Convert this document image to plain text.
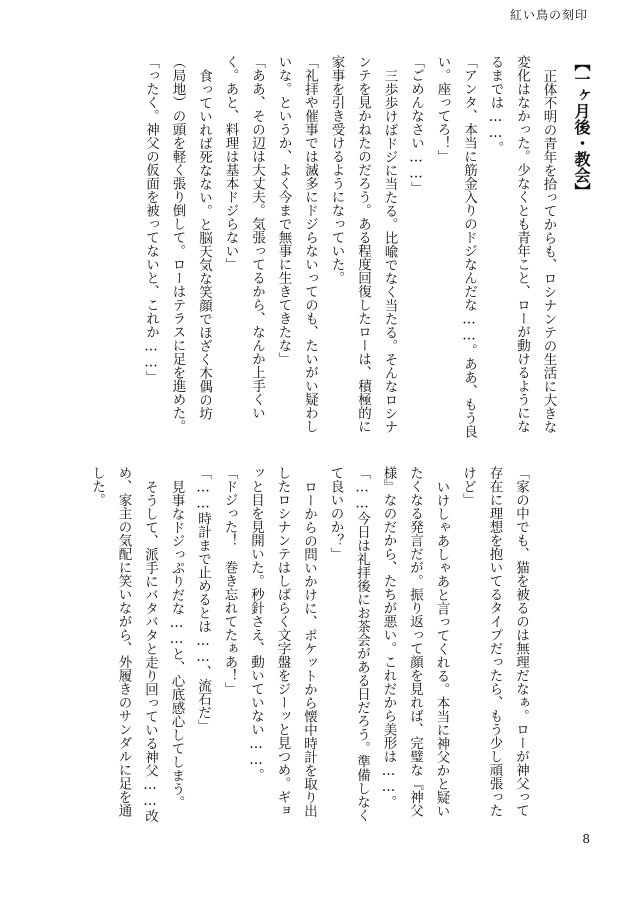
紅い鳥の刻印

【一ヶ月後・教会】

正体不明の青年を拾ってからも、ロシナンテの生活に大きな変化はなかった。少なくとも青年こと、ローが動けるようになるまでは……。

「アンタ、本当に筋金入りのドジなんだな……。ああ、もう良い。座ってろ！」

「ごめんなさい……」

三歩歩けばドジに当たる。比喩でなく当たる。そんなロシナンテを見かねたのだろう。ある程度回復したローは、積極的に家事を引き受けるようになっていた。

「礼拝や催事では滅多にドジらないってのも、たいがい疑わしいな。というか、よく今まで無事に生きてきたな」

「ああ、その辺は大丈夫。気張ってるから、なんか上手くいく。あと、料理は基本ドジらない」

食っていれば死なない。と脳天気な笑顔でほざく木偶の坊（局地）の頭を軽く張り倒して。ローはテラスに足を進めた。

「ったく。神父の仮面を被ってないと、これか……」

「家の中でも、猫を被るのは無理だなぁ。ローが神父って存在に理想を抱いてるタイプだったら、もう少し頑張ったけど」

いけしゃあしゃあと言ってくれる。本当に神父かと疑いたくなる発言だが。振り返って顔を見れば、完璧な『神父様』なのだから、たちが悪い。これだから美形は……。

「……今日は礼拝後にお茶会がある日だろう。準備しなくて良いのか？」

ローからの問いかけに、ポケットから懐中時計を取り出したロシナンテはしばらく文字盤をジーッと見つめ。ギョッと目を見開いた。秒針さえ、動いていない……。

「ドジった！　巻き忘れてたぁあ！」

「……時計まで止めるとは……、流石だ」

見事なドジっぷりだな……と、心底感心してしまう。

そうして、派手にバタバタと走り回っている神父……改め、家主の気配に笑いながら、外履きのサンダルに足を通した。

8
